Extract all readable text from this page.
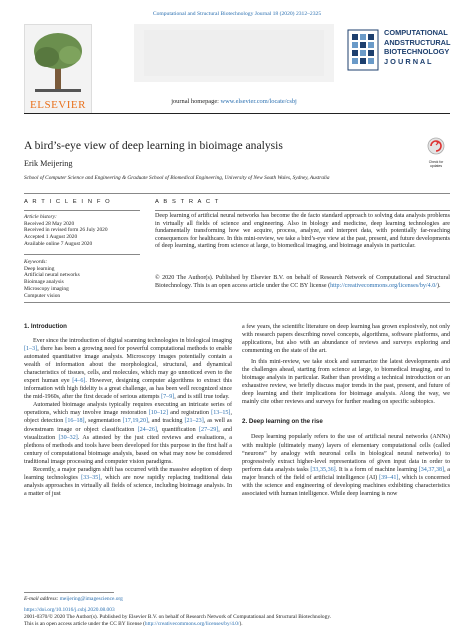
Computational and Structural Biotechnology Journal 18 (2020) 2312–2325
ELSEVIER
COMPUTATIONAL
ANDSTRUCTURAL
BIOTECHNOLOGY
J O U R N A L
journal homepage: www.elsevier.com/locate/csbj
A bird’s-eye view of deep learning in bioimage analysis
Erik Meijering
School of Computer Science and Engineering & Graduate School of Biomedical Engineering, University of New South Wales, Sydney, Australia
Check for
updates
A R T I C L E I N F O
Article history:
Received 28 May 2020
Received in revised form 26 July 2020
Accepted 1 August 2020
Available online 7 August 2020
Keywords:
Deep learning
Artificial neural networks
Bioimage analysis
Microscopy imaging
Computer vision
A B S T R A C T
Deep learning of artificial neural networks has become the de facto standard approach to solving data analysis problems in virtually all fields of science and engineering. Also in biology and medicine, deep learning technologies are fundamentally transforming how we acquire, process, analyze, and interpret data, with potentially far-reaching consequences for healthcare. In this mini-review, we take a bird’s-eye view at the past, present, and future developments of deep learning, starting from science at large, to biomedical imaging, and bioimage analysis in particular.
© 2020 The Author(s). Published by Elsevier B.V. on behalf of Research Network of Computational and Structural Biotechnology. This is an open access article under the CC BY license (http://creativecommons.org/licenses/by/4.0/).
1. Introduction

Ever since the introduction of digital scanning technologies in biological imaging [1–3], there has been a growing need for powerful computational methods to enable automated quantitative image analysis. Microscopy images potentially contain a wealth of information about the morphological, structural, and dynamical characteristics of tissues, cells, and molecules, which may go unnoticed even to the expert human eye [4–6]. However, designing computer algorithms to extract this information with high fidelity is a great challenge, as has been well recognized since the mid-1960s, after the first decade of serious attempts [7–9], and is still true today.

Automated bioimage analysis typically requires executing an intricate series of operations, which may involve image restoration [10–12] and registration [13–15], object detection [16–18], segmentation [17,19,20], and tracking [21–23], as well as downstream image or object classification [24–26], quantification [27–29], and visualization [30–32]. As attested by the just cited reviews and evaluations, a plethora of methods and tools have been developed for this purpose in the first half a century of computational bioimage analysis, based on what may now be considered traditional image processing and computer vision paradigms.

Recently, a major paradigm shift has occurred with the massive adoption of deep learning technologies [33–35], which are now rapidly replacing traditional data analysis approaches in virtually all fields of science, including bioimage analysis. In a matter of just

a few years, the scientific literature on deep learning has grown explosively, not only with research papers describing novel concepts, algorithms, software platforms, and applications, but also with an abundance of reviews and surveys exploring and commenting on the state of the art.

In this mini-review, we take stock and summarize the latest developments and the challenges ahead, starting from science at large, to biomedical imaging, and to bioimage analysis in particular. Rather than providing a technical introduction or an exhaustive review, we briefly discuss major trends in the past, present, and future of deep learning and their implications for bioimage analysis. Along the way, we mainly cite other reviews and surveys for further reading on specific subtopics.

2. Deep learning on the rise

Deep learning popularly refers to the use of artificial neural networks (ANNs) with multiple (ultimately many) layers of elementary computational cells (called “neurons” by analogy with neuronal cells in biological neural networks) to progressively extract higher-level representations of given input data in order to perform data analysis tasks [33,35,36]. It is a form of machine learning [34,37,38], a major branch of the field of artificial intelligence (AI) [39–41], which is concerned with the science and engineering of developing machines exhibiting characteristics associated with human intelligence. While deep learning is now

E-mail address: meijering@imagescience.org
https://doi.org/10.1016/j.csbj.2020.08.003
2001-0370/© 2020 The Author(s). Published by Elsevier B.V. on behalf of Research Network of Computational and Structural Biotechnology.
This is an open access article under the CC BY license (http://creativecommons.org/licenses/by/4.0/).
